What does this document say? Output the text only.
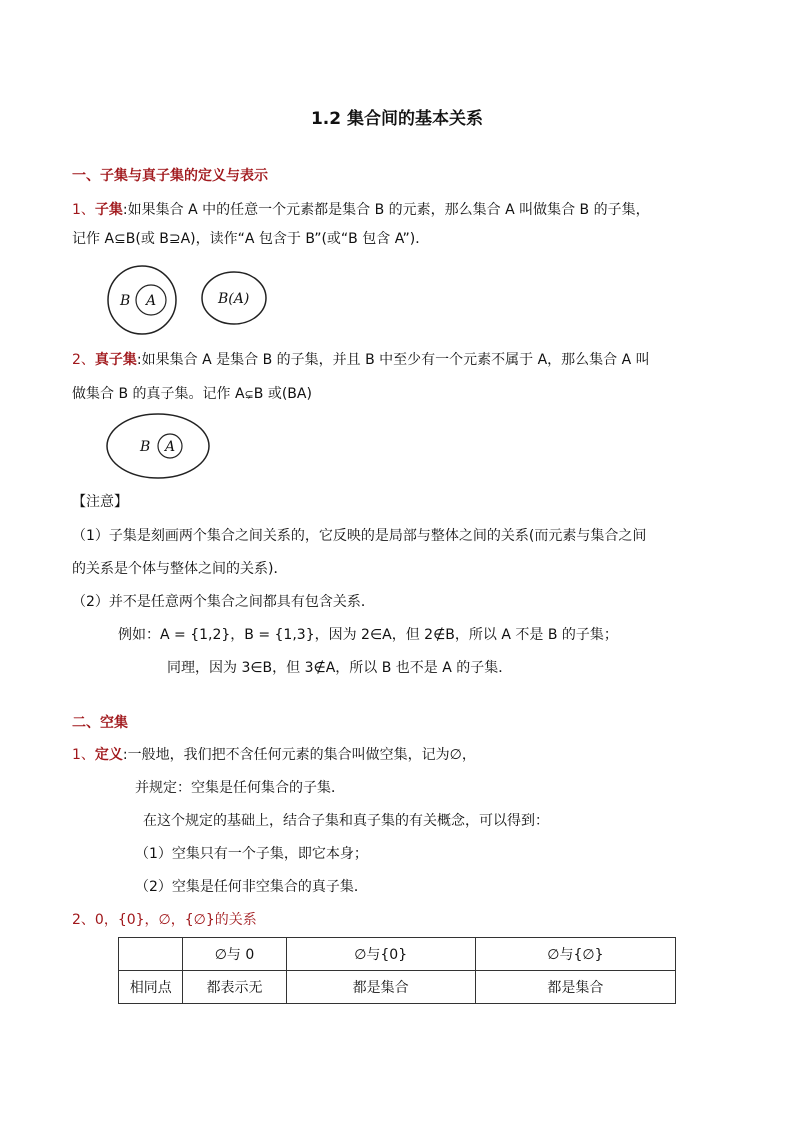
1.2 集合间的基本关系
一、子集与真子集的定义与表示
1、子集:如果集合 A 中的任意一个元素都是集合 B 的元素，那么集合 A 叫做集合 B 的子集，
记作 A⊆B(或 B⊇A)，读作“A 包含于 B”(或“B 包含 A”)．
B A	B(A)
2、真子集:如果集合 A 是集合 B 的子集，并且 B 中至少有一个元素不属于 A，那么集合 A 叫
做集合 B 的真子集。记作 A⊊B 或(BA)
B A
【注意】
（1）子集是刻画两个集合之间关系的，它反映的是局部与整体之间的关系(而元素与集合之间
的关系是个体与整体之间的关系)．
（2）并不是任意两个集合之间都具有包含关系．
例如：A = {1,2}，B = {1,3}，因为 2∈A，但 2∉B，所以 A 不是 B 的子集；
同理，因为 3∈B，但 3∉A，所以 B 也不是 A 的子集．
二、空集
1、定义:一般地，我们把不含任何元素的集合叫做空集，记为∅，
并规定：空集是任何集合的子集．
在这个规定的基础上，结合子集和真子集的有关概念，可以得到：
（1）空集只有一个子集，即它本身；
（2）空集是任何非空集合的真子集．
2、0，{0}，∅，{∅}的关系
	∅与 0	∅与{0}	∅与{∅}
相同点	都表示无	都是集合	都是集合
